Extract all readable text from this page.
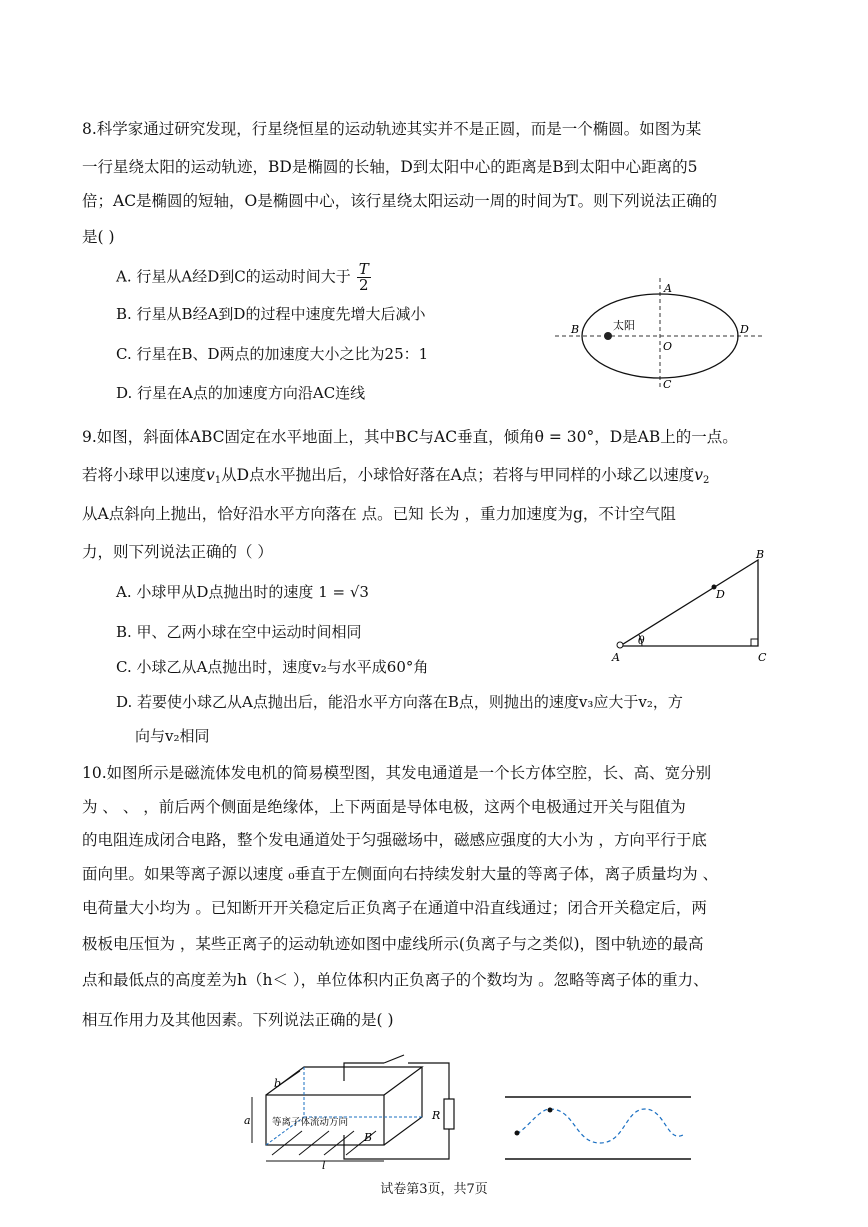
8.科学家通过研究发现，行星绕恒星的运动轨迹其实并不是正圆，而是一个椭圆。如图为某
一行星绕太阳的运动轨迹，BD是椭圆的长轴，D到太阳中心的距离是B到太阳中心距离的5
倍；AC是椭圆的短轴，O是椭圆中心，该行星绕太阳运动一周的时间为T。则下列说法正确的
是( )
A. 行星从A经D到C的运动时间大于 $\frac{T}{2}$
B. 行星从B经A到D的过程中速度先增大后减小
C. 行星在B、D两点的加速度大小之比为25：1
D. 行星在A点的加速度方向沿AC连线
A
B
C
D
O
太阳
9.如图，斜面体ABC固定在水平地面上，其中BC与AC垂直，倾角θ = 30°，D是AB上的一点。
若将小球甲以速度$v_1$从D点水平抛出后，小球恰好落在A点；若将与甲同样的小球乙以速度$v_2$
从A点斜向上抛出，恰好沿水平方向落在 点。已知 长为 ，重力加速度为g，不计空气阻
力，则下列说法正确的（ ）
A. 小球甲从D点抛出时的速度 1 = √3
B. 甲、乙两小球在空中运动时间相同
C. 小球乙从A点抛出时，速度v₂与水平成60°角
D. 若要使小球乙从A点抛出后，能沿水平方向落在B点，则抛出的速度v₃应大于v₂，方
向与v₂相同
A
B
C
D
θ
10.如图所示是磁流体发电机的简易模型图，其发电通道是一个长方体空腔，长、高、宽分别
为 、 、 ，前后两个侧面是绝缘体，上下两面是导体电极，这两个电极通过开关与阻值为
的电阻连成闭合电路，整个发电通道处于匀强磁场中，磁感应强度的大小为 ，方向平行于底
面向里。如果等离子源以速度 ₀垂直于左侧面向右持续发射大量的等离子体，离子质量均为 、
电荷量大小均为 。已知断开开关稳定后正负离子在通道中沿直线通过；闭合开关稳定后，两
极板电压恒为 ，某些正离子的运动轨迹如图中虚线所示(负离子与之类似)，图中轨迹的最高
点和最低点的高度差为h（h＜ ），单位体积内正负离子的个数均为 。忽略等离子体的重力、
相互作用力及其他因素。下列说法正确的是( )
等离子体流动方向
a
b
l
R
B
试卷第3页，共7页
